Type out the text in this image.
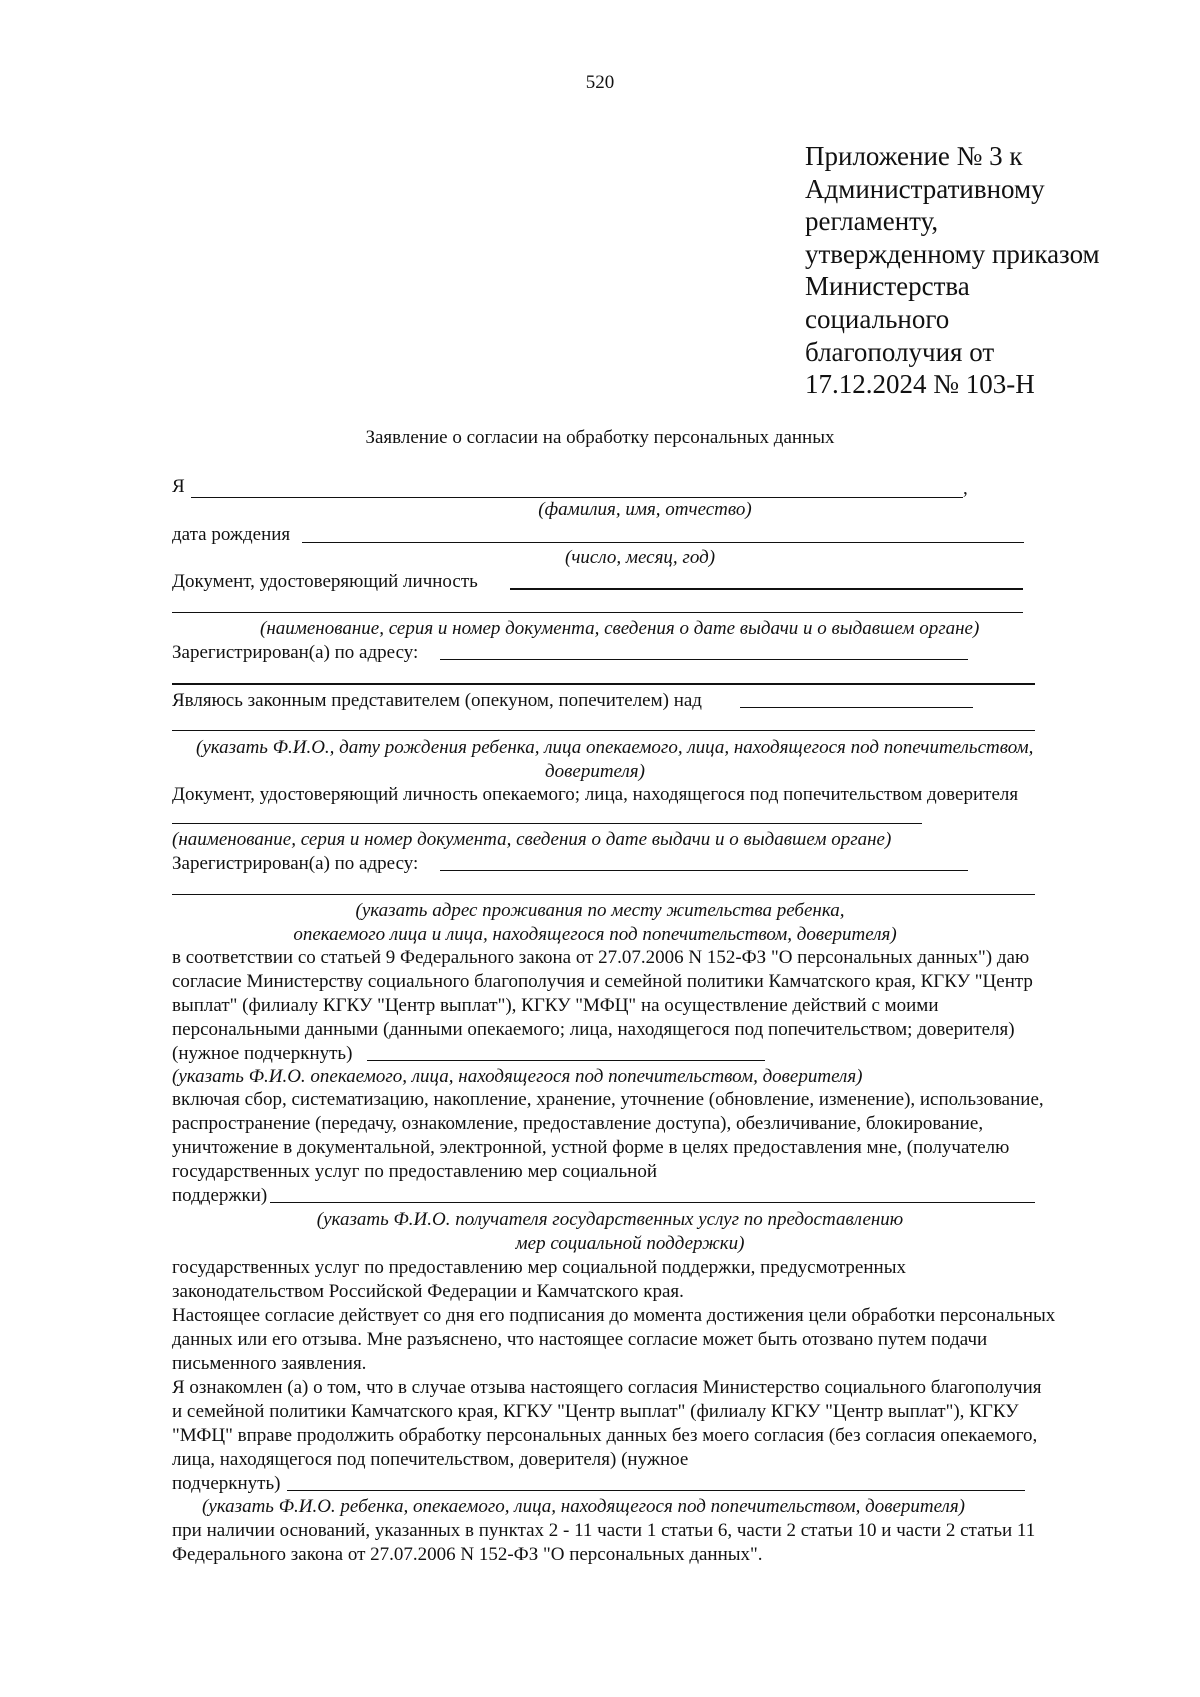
520
Приложение № 3 к
Административному
регламенту,
утвержденному приказом
Министерства
социального
благополучия от
17.12.2024 № 103-Н
Заявление о согласии на обработку персональных данных
Я	,
(фамилия, имя, отчество)
дата рождения
(число, месяц, год)
Документ, удостоверяющий личность
(наименование, серия и номер документа, сведения о дате выдачи и о выдавшем органе)
Зарегистрирован(а) по адресу:
Являюсь законным представителем (опекуном, попечителем) над
(указать Ф.И.О., дату рождения ребенка, лица опекаемого, лица, находящегося под попечительством,
доверителя)
Документ, удостоверяющий личность опекаемого; лица, находящегося под попечительством доверителя
(наименование, серия и номер документа, сведения о дате выдачи и о выдавшем органе)
Зарегистрирован(а) по адресу:
(указать адрес проживания по месту жительства ребенка,
опекаемого лица и лица, находящегося под попечительством, доверителя)
в соответствии со статьей 9 Федерального закона от 27.07.2006 N 152-ФЗ "О персональных данных") даю
согласие Министерству социального благополучия и семейной политики Камчатского края, КГКУ "Центр
выплат" (филиалу КГКУ "Центр выплат"), КГКУ "МФЦ" на осуществление действий с моими
персональными данными (данными опекаемого; лица, находящегося под попечительством; доверителя)
(нужное подчеркнуть)
(указать Ф.И.О. опекаемого, лица, находящегося под попечительством, доверителя)
включая сбор, систематизацию, накопление, хранение, уточнение (обновление, изменение), использование,
распространение (передачу, ознакомление, предоставление доступа), обезличивание, блокирование,
уничтожение в документальной, электронной, устной форме в целях предоставления мне, (получателю
государственных услуг по предоставлению мер социальной
поддержки)
(указать Ф.И.О. получателя государственных услуг по предоставлению
мер социальной поддержки)
государственных услуг по предоставлению мер социальной поддержки, предусмотренных
законодательством Российской Федерации и Камчатского края.
Настоящее согласие действует со дня его подписания до момента достижения цели обработки персональных
данных или его отзыва. Мне разъяснено, что настоящее согласие может быть отозвано путем подачи
письменного заявления.
Я ознакомлен (а) о том, что в случае отзыва настоящего согласия Министерство социального благополучия
и семейной политики Камчатского края, КГКУ "Центр выплат" (филиалу КГКУ "Центр выплат"), КГКУ
"МФЦ" вправе продолжить обработку персональных данных без моего согласия (без согласия опекаемого,
лица, находящегося под попечительством, доверителя) (нужное
подчеркнуть)
(указать Ф.И.О. ребенка, опекаемого, лица, находящегося под попечительством, доверителя)
при наличии оснований, указанных в пунктах 2 - 11 части 1 статьи 6, части 2 статьи 10 и части 2 статьи 11
Федерального закона от 27.07.2006 N 152-ФЗ "О персональных данных".
